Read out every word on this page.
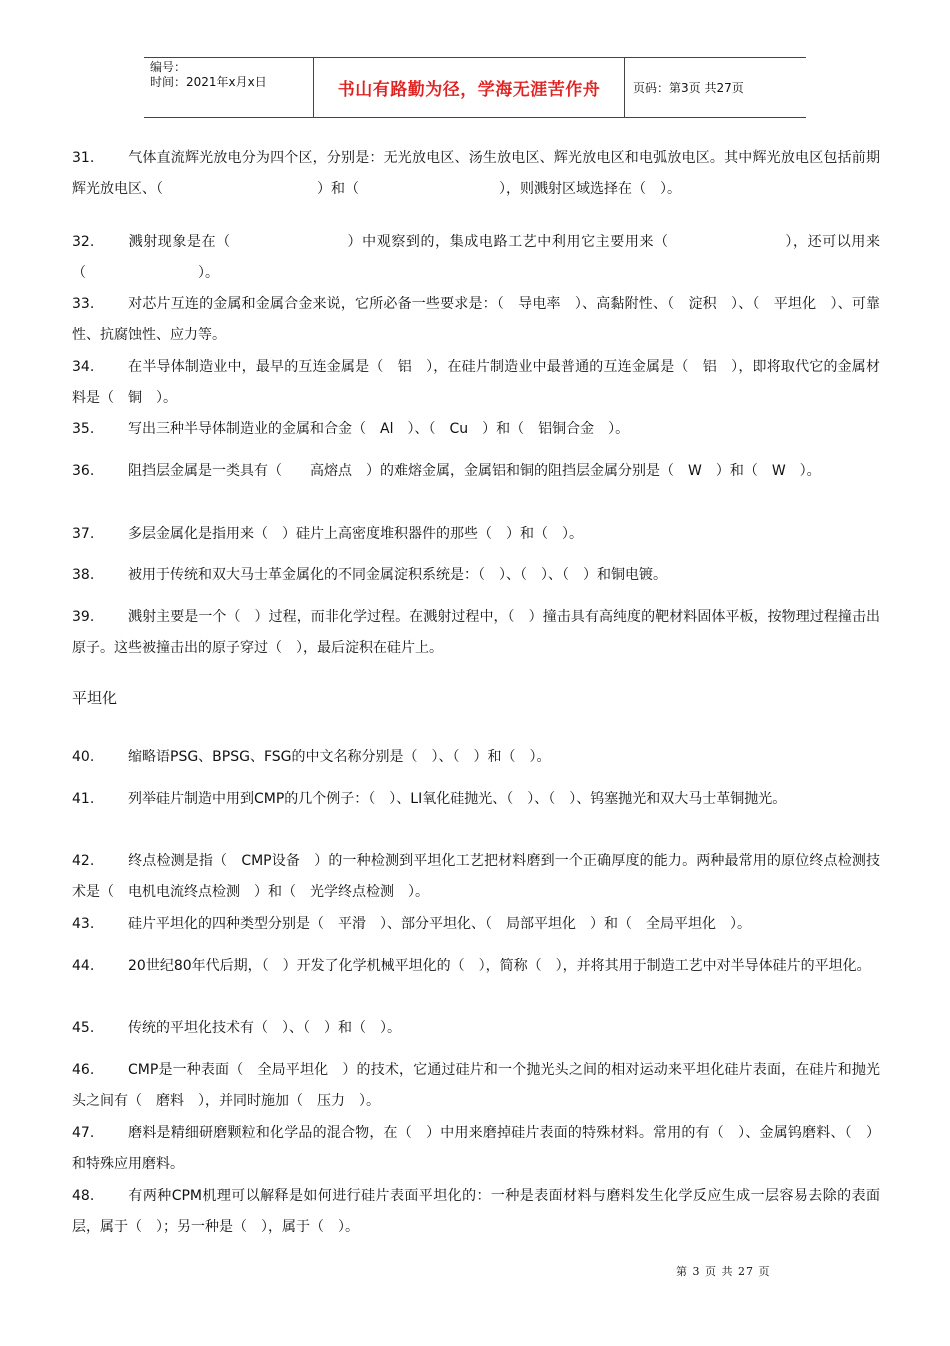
编号：
时间：2021年x月x日	书山有路勤为径，学海无涯苦作舟	页码：第3页 共27页
31. 气体直流辉光放电分为四个区，分别是：无光放电区、汤生放电区、辉光放电区和电弧放电区。其中辉光放电区包括前期辉光放电区、（　　　　　　　　　　　）和（　　　　　　　　　　），则溅射区域选择在（　）。
32. 溅射现象是在（　　　　　　　　）中观察到的，集成电路工艺中利用它主要用来（　　　　　　　　），还可以用来（　　　　　　　　）。
33. 对芯片互连的金属和金属合金来说，它所必备一些要求是：（　导电率　）、高黏附性、（　淀积　）、（　平坦化　）、可靠性、抗腐蚀性、应力等。
34. 在半导体制造业中，最早的互连金属是（　铝　），在硅片制造业中最普通的互连金属是（　铝　），即将取代它的金属材料是（　铜　）。
35. 写出三种半导体制造业的金属和合金（　Al　）、（　Cu　）和（　铝铜合金　）。
36. 阻挡层金属是一类具有（　　高熔点　）的难熔金属，金属铝和铜的阻挡层金属分别是（　W　）和（　W　）。
37. 多层金属化是指用来（　）硅片上高密度堆积器件的那些（　）和（　）。
38. 被用于传统和双大马士革金属化的不同金属淀积系统是：（　）、（　）、（　）和铜电镀。
39. 溅射主要是一个（　）过程，而非化学过程。在溅射过程中，（　）撞击具有高纯度的靶材料固体平板，按物理过程撞击出原子。这些被撞击出的原子穿过（　），最后淀积在硅片上。
平坦化
40. 缩略语PSG、BPSG、FSG的中文名称分别是（　）、（　）和（　）。
41. 列举硅片制造中用到CMP的几个例子：（　）、LI氧化硅抛光、（　）、（　）、钨塞抛光和双大马士革铜抛光。
42. 终点检测是指（　CMP设备　）的一种检测到平坦化工艺把材料磨到一个正确厚度的能力。两种最常用的原位终点检测技术是（　电机电流终点检测　）和（　光学终点检测　）。
43. 硅片平坦化的四种类型分别是（　平滑　）、部分平坦化、（　局部平坦化　）和（　全局平坦化　）。
44. 20世纪80年代后期，（　）开发了化学机械平坦化的（　），简称（　），并将其用于制造工艺中对半导体硅片的平坦化。
45. 传统的平坦化技术有（　）、（　）和（　）。
46. CMP是一种表面（　全局平坦化　）的技术，它通过硅片和一个抛光头之间的相对运动来平坦化硅片表面，在硅片和抛光头之间有（　磨料　），并同时施加（　压力　）。
47. 磨料是精细研磨颗粒和化学品的混合物，在（　）中用来磨掉硅片表面的特殊材料。常用的有（　）、金属钨磨料、（　）和特殊应用磨料。
48. 有两种CPM机理可以解释是如何进行硅片表面平坦化的：一种是表面材料与磨料发生化学反应生成一层容易去除的表面层，属于（　）；另一种是（　），属于（　）。
第 3 页 共 27 页
